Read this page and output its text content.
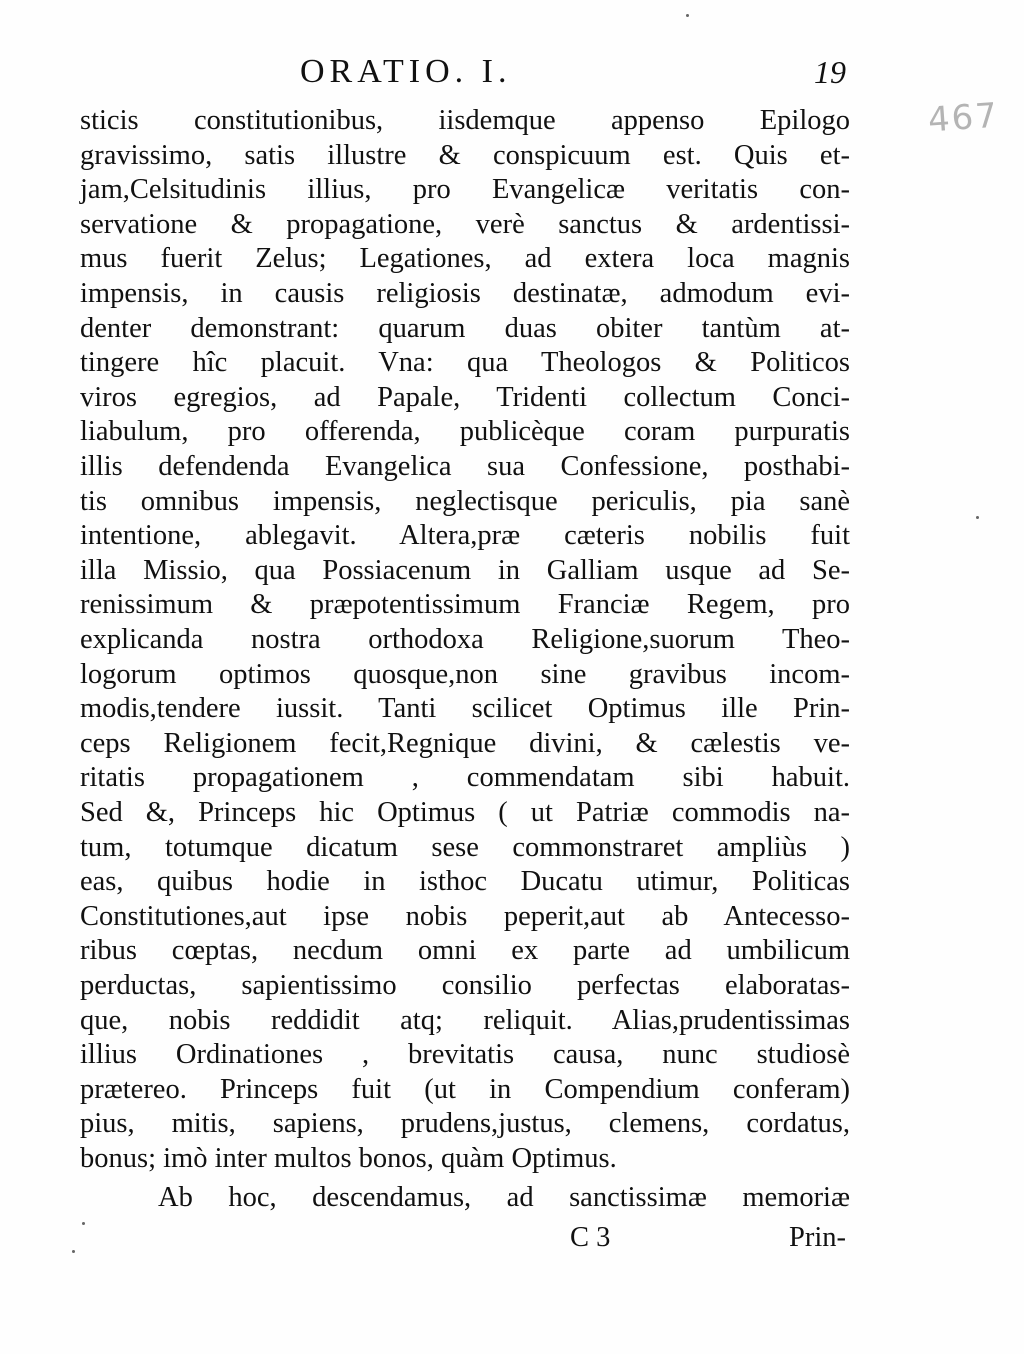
ORATIO. I.	19
467
sticis constitutionibus, iisdemque appenso Epilogo
gravissimo, satis illustre & conspicuum est. Quis et-
jam,Celsitudinis illius, pro Evangelicæ veritatis con-
servatione & propagatione, verè sanctus & ardentissi-
mus fuerit Zelus; Legationes, ad extera loca magnis
impensis, in causis religiosis destinatæ, admodum evi-
denter demonstrant: quarum duas obiter tantùm at-
tingere hîc placuit. Vna: qua Theologos & Politicos
viros egregios, ad Papale, Tridenti collectum Conci-
liabulum, pro offerenda, publicèque coram purpuratis
illis defendenda Evangelica sua Confessione, posthabi-
tis omnibus impensis, neglectisque periculis, pia sanè
intentione, ablegavit. Altera,præ cæteris nobilis fuit
illa Missio, qua Possiacenum in Galliam usque ad Se-
renissimum & præpotentissimum Franciæ Regem, pro
explicanda nostra orthodoxa Religione,suorum Theo-
logorum optimos quosque,non sine gravibus incom-
modis,tendere iussit. Tanti scilicet Optimus ille Prin-
ceps Religionem fecit,Regnique divini, & cælestis ve-
ritatis propagationem , commendatam sibi habuit.
Sed &, Princeps hic Optimus ( ut Patriæ commodis na-
tum, totumque dicatum sese commonstraret ampliùs )
eas, quibus hodie in isthoc Ducatu utimur, Politicas
Constitutiones,aut ipse nobis peperit,aut ab Antecesso-
ribus cœptas, necdum omni ex parte ad umbilicum
perductas, sapientissimo consilio perfectas elaboratas-
que, nobis reddidit atq; reliquit. Alias,prudentissimas
illius Ordinationes , brevitatis causa, nunc studiosè
prætereo. Princeps fuit (ut in Compendium conferam)
pius, mitis, sapiens, prudens,justus, clemens, cordatus,
bonus; imò inter multos bonos, quàm Optimus.
Ab hoc, descendamus, ad sanctissimæ memoriæ
C 3	Prin-
